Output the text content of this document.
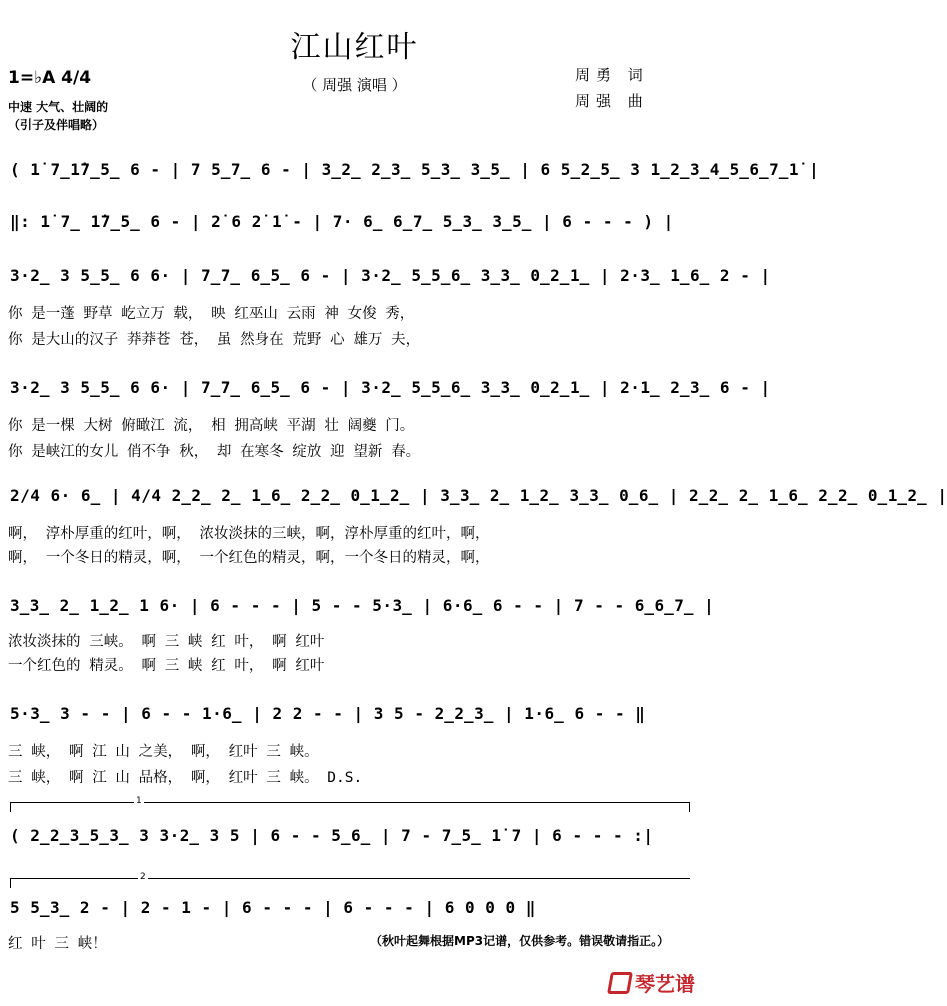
江山红叶
（ 周强 演唱 ）
周勇 词
周强 曲
1=♭A 4/4
中速 大气、壮阔的
（引子及伴唱略）
( 1̇ 7̲1̇7̲5̲ 6 - | 7 5̲7̲ 6 - | 3̲2̲ 2̲3̲ 5̲3̲ 3̲5̲ | 6 5̲2̲5̲ 3 1̲2̲3̲4̲5̲6̲7̲1̇ |
‖: 1̇ 7̲ 1̇7̲5̲ 6 - | 2̇ 6 2̇ 1̇ - | 7· 6̲ 6̲7̲ 5̲3̲ 3̲5̲ | 6 - - - ) |
3·2̲ 3 5̲5̲ 6 6· | 7̲7̲ 6̲5̲ 6 - | 3·2̲ 5̲5̲6̲ 3̲3̲ 0̲2̲1̲ | 2·3̲ 1̲6̲ 2 - |
你 是一蓬 野草 屹立万 载， 映 红巫山 云雨 神 女俊 秀，
你 是大山的汉子 莽莽苍 苍， 虽 然身在 荒野 心 雄万 夫，
3·2̲ 3 5̲5̲ 6 6· | 7̲7̲ 6̲5̲ 6 - | 3·2̲ 5̲5̲6̲ 3̲3̲ 0̲2̲1̲ | 2·1̲ 2̲3̲ 6 - |
你 是一棵 大树 俯瞰江 流， 相 拥高峡 平湖 壮 阔夔 门。
你 是峡江的女儿 俏不争 秋， 却 在寒冬 绽放 迎 望新 春。
2/4 6· 6̲ | 4/4 2̲2̲ 2̲ 1̲6̲ 2̲2̲ 0̲1̲2̲ | 3̲3̲ 2̲ 1̲2̲ 3̲3̲ 0̲6̲ | 2̲2̲ 2̲ 1̲6̲ 2̲2̲ 0̲1̲2̲ |
啊， 淳朴厚重的红叶，啊， 浓妆淡抹的三峡，啊，淳朴厚重的红叶，啊，
啊， 一个冬日的精灵，啊， 一个红色的精灵，啊，一个冬日的精灵，啊，
3̲3̲ 2̲ 1̲2̲ 1 6· | 6 - - - | 5 - - 5·3̲ | 6·6̲ 6 - - | 7 - - 6̲6̲7̲ |
浓妆淡抹的 三峡。 啊 三 峡 红 叶， 啊 红叶
一个红色的 精灵。 啊 三 峡 红 叶， 啊 红叶
5·3̲ 3 - - | 6 - - 1·6̲ | 2 2 - - | 3 5 - 2̲2̲3̲ | 1·6̲ 6 - - ‖
三 峡， 啊 江 山 之美， 啊， 红叶 三 峡。
三 峡， 啊 江 山 品格， 啊， 红叶 三 峡。 D.S.
1
( 2̲2̲3̲5̲3̲ 3 3·2̲ 3 5 | 6 - - 5̲6̲ | 7 - 7̲5̲ 1̇ 7 | 6 - - - :|
2
5 5̲3̲ 2 - | 2 - 1 - | 6 - - - | 6 - - - | 6 0 0 0 ‖
红 叶 三 峡！	（秋叶起舞根据MP3记谱，仅供参考。错误敬请指正。）
琴艺谱
